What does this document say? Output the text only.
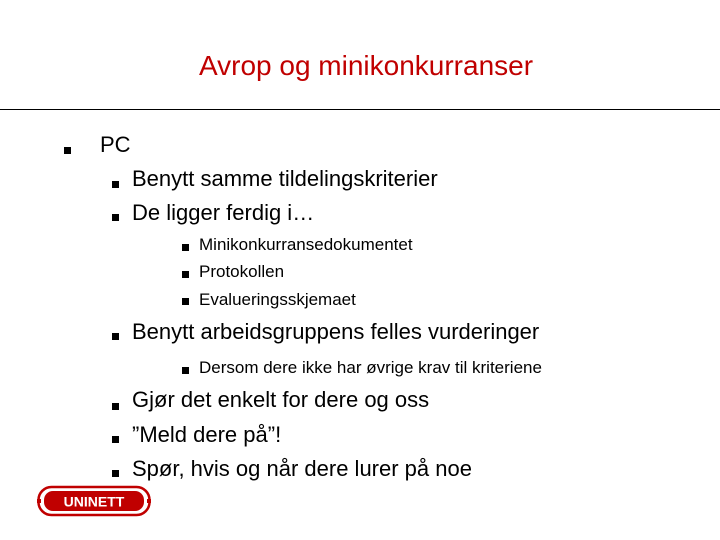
Avrop og minikonkurranser
PC
Benytt samme tildelingskriterier
De ligger ferdig i…
Minikonkurransedokumentet
Protokollen
Evalueringsskjemaet
Benytt arbeidsgruppens felles vurderinger
Dersom dere ikke har øvrige krav til kriteriene
Gjør det enkelt for dere og oss
”Meld dere på”!
Spør, hvis og når dere lurer på noe
UNINETT
